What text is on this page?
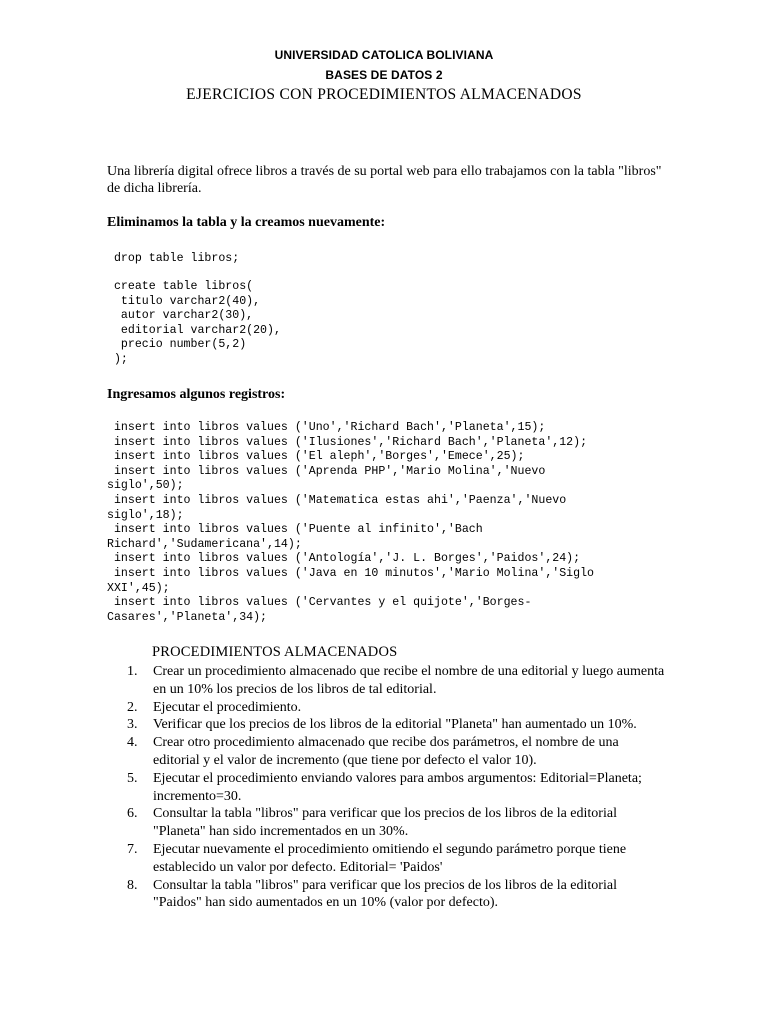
UNIVERSIDAD CATOLICA BOLIVIANA
BASES DE DATOS 2
EJERCICIOS CON PROCEDIMIENTOS ALMACENADOS
Una librería digital ofrece libros a través de su portal web para ello trabajamos con la tabla "libros" de dicha librería.
Eliminamos la tabla y la creamos nuevamente:
drop table libros;
create table libros(
titulo varchar2(40),
autor varchar2(30),
editorial varchar2(20),
precio number(5,2)
);
Ingresamos algunos registros:
insert into libros values ('Uno','Richard Bach','Planeta',15);
insert into libros values ('Ilusiones','Richard Bach','Planeta',12);
insert into libros values ('El aleph','Borges','Emece',25);
insert into libros values ('Aprenda PHP','Mario Molina','Nuevo
siglo',50);
insert into libros values ('Matematica estas ahi','Paenza','Nuevo
siglo',18);
insert into libros values ('Puente al infinito','Bach
Richard','Sudamericana',14);
insert into libros values ('Antología','J. L. Borges','Paidos',24);
insert into libros values ('Java en 10 minutos','Mario Molina','Siglo
XXI',45);
insert into libros values ('Cervantes y el quijote','Borges-
Casares','Planeta',34);
PROCEDIMIENTOS ALMACENADOS
1. Crear un procedimiento almacenado que recibe el nombre de una editorial y luego aumenta en un 10% los precios de los libros de tal editorial.
2. Ejecutar el procedimiento.
3. Verificar que los precios de los libros de la editorial "Planeta" han aumentado un 10%.
4. Crear otro procedimiento almacenado que recibe dos parámetros, el nombre de una editorial y el valor de incremento (que tiene por defecto el valor 10).
5. Ejecutar el procedimiento enviando valores para ambos argumentos: Editorial=Planeta; incremento=30.
6. Consultar la tabla "libros" para verificar que los precios de los libros de la editorial "Planeta" han sido incrementados en un 30%.
7. Ejecutar nuevamente el procedimiento omitiendo el segundo parámetro porque tiene establecido un valor por defecto. Editorial= 'Paidos'
8. Consultar la tabla "libros" para verificar que los precios de los libros de la editorial "Paidos" han sido aumentados en un 10% (valor por defecto).
